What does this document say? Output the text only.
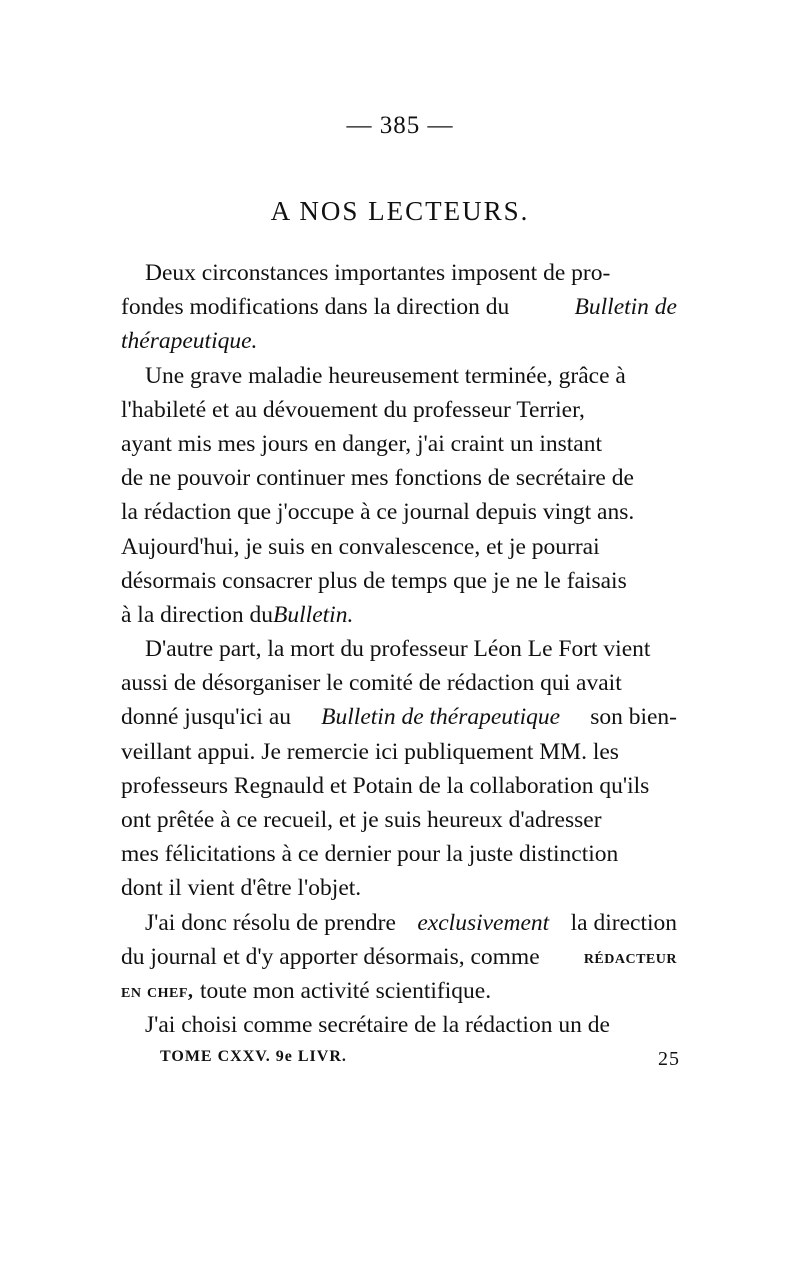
— 385 —
A NOS LECTEURS.
Deux circonstances importantes imposent de pro-
fondes modifications dans la direction du	Bulletin de
thérapeutique.
Une grave maladie heureusement terminée, grâce à
l'habileté et au dévouement du professeur Terrier,
ayant mis mes jours en danger, j'ai craint un instant
de ne pouvoir continuer mes fonctions de secrétaire de
la rédaction que j'occupe à ce journal depuis vingt ans.
Aujourd'hui, je suis en convalescence, et je pourrai
désormais consacrer plus de temps que je ne le faisais
à la direction du Bulletin.
D'autre part, la mort du professeur Léon Le Fort vient
aussi de désorganiser le comité de rédaction qui avait
donné jusqu'ici au Bulletin de thérapeutique son bien-
veillant appui. Je remercie ici publiquement MM. les
professeurs Regnauld et Potain de la collaboration qu'ils
ont prêtée à ce recueil, et je suis heureux d'adresser
mes félicitations à ce dernier pour la juste distinction
dont il vient d'être l'objet.
J'ai donc résolu de prendre exclusivement la direction
du journal et d'y apporter désormais, comme rédacteur
en chef, toute mon activité scientifique.
J'ai choisi comme secrétaire de la rédaction un de
TOME CXXV. 9e LIVR.	25
